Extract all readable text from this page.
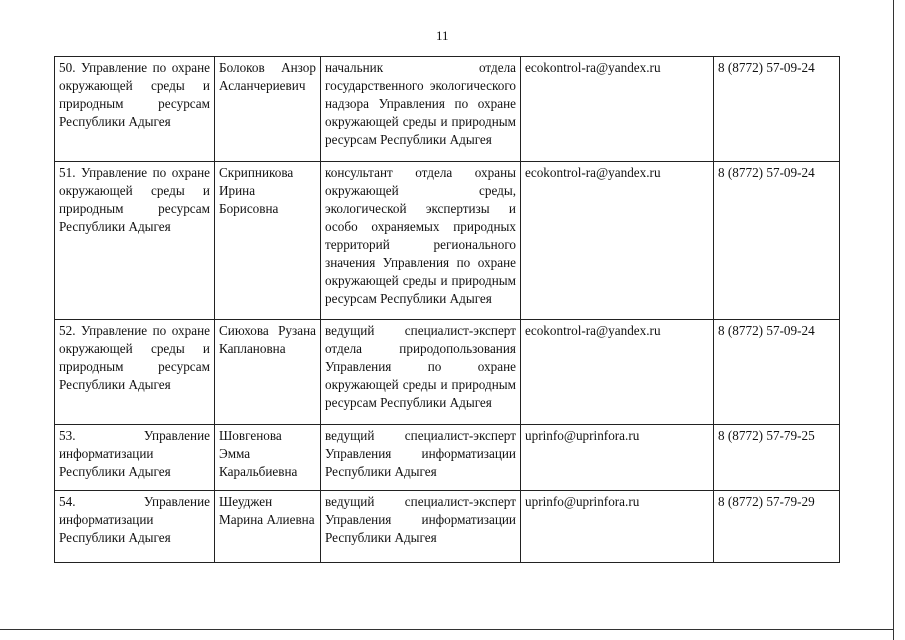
11
50. Управление по охране окружающей среды и природным ресурсам Республики Адыгея	Болоков Анзор Асланчериевич	начальник отдела государственного экологического надзора Управления по охране окружающей среды и природным ресурсам Республики Адыгея	ecokontrol-ra@yandex.ru	8 (8772) 57-09-24
51. Управление по охране окружающей среды и природным ресурсам Республики Адыгея	Скрипникова Ирина Борисовна	консультант отдела охраны окружающей среды, экологической экспертизы и особо охраняемых природных территорий регионального значения Управления по охране окружающей среды и природным ресурсам Республики Адыгея	ecokontrol-ra@yandex.ru	8 (8772) 57-09-24
52. Управление по охране окружающей среды и природным ресурсам Республики Адыгея	Сиюхова Рузана Каплановна	ведущий специалист-эксперт отдела природопользования Управления по охране окружающей среды и природным ресурсам Республики Адыгея	ecokontrol-ra@yandex.ru	8 (8772) 57-09-24
53. Управление информатизации Республики Адыгея	Шовгенова Эмма Каральбиевна	ведущий специалист-эксперт Управления информатизации Республики Адыгея	uprinfo@uprinfora.ru	8 (8772) 57-79-25
54. Управление информатизации Республики Адыгея	Шеуджен Марина Алиевна	ведущий специалист-эксперт Управления информатизации Республики Адыгея	uprinfo@uprinfora.ru	8 (8772) 57-79-29
